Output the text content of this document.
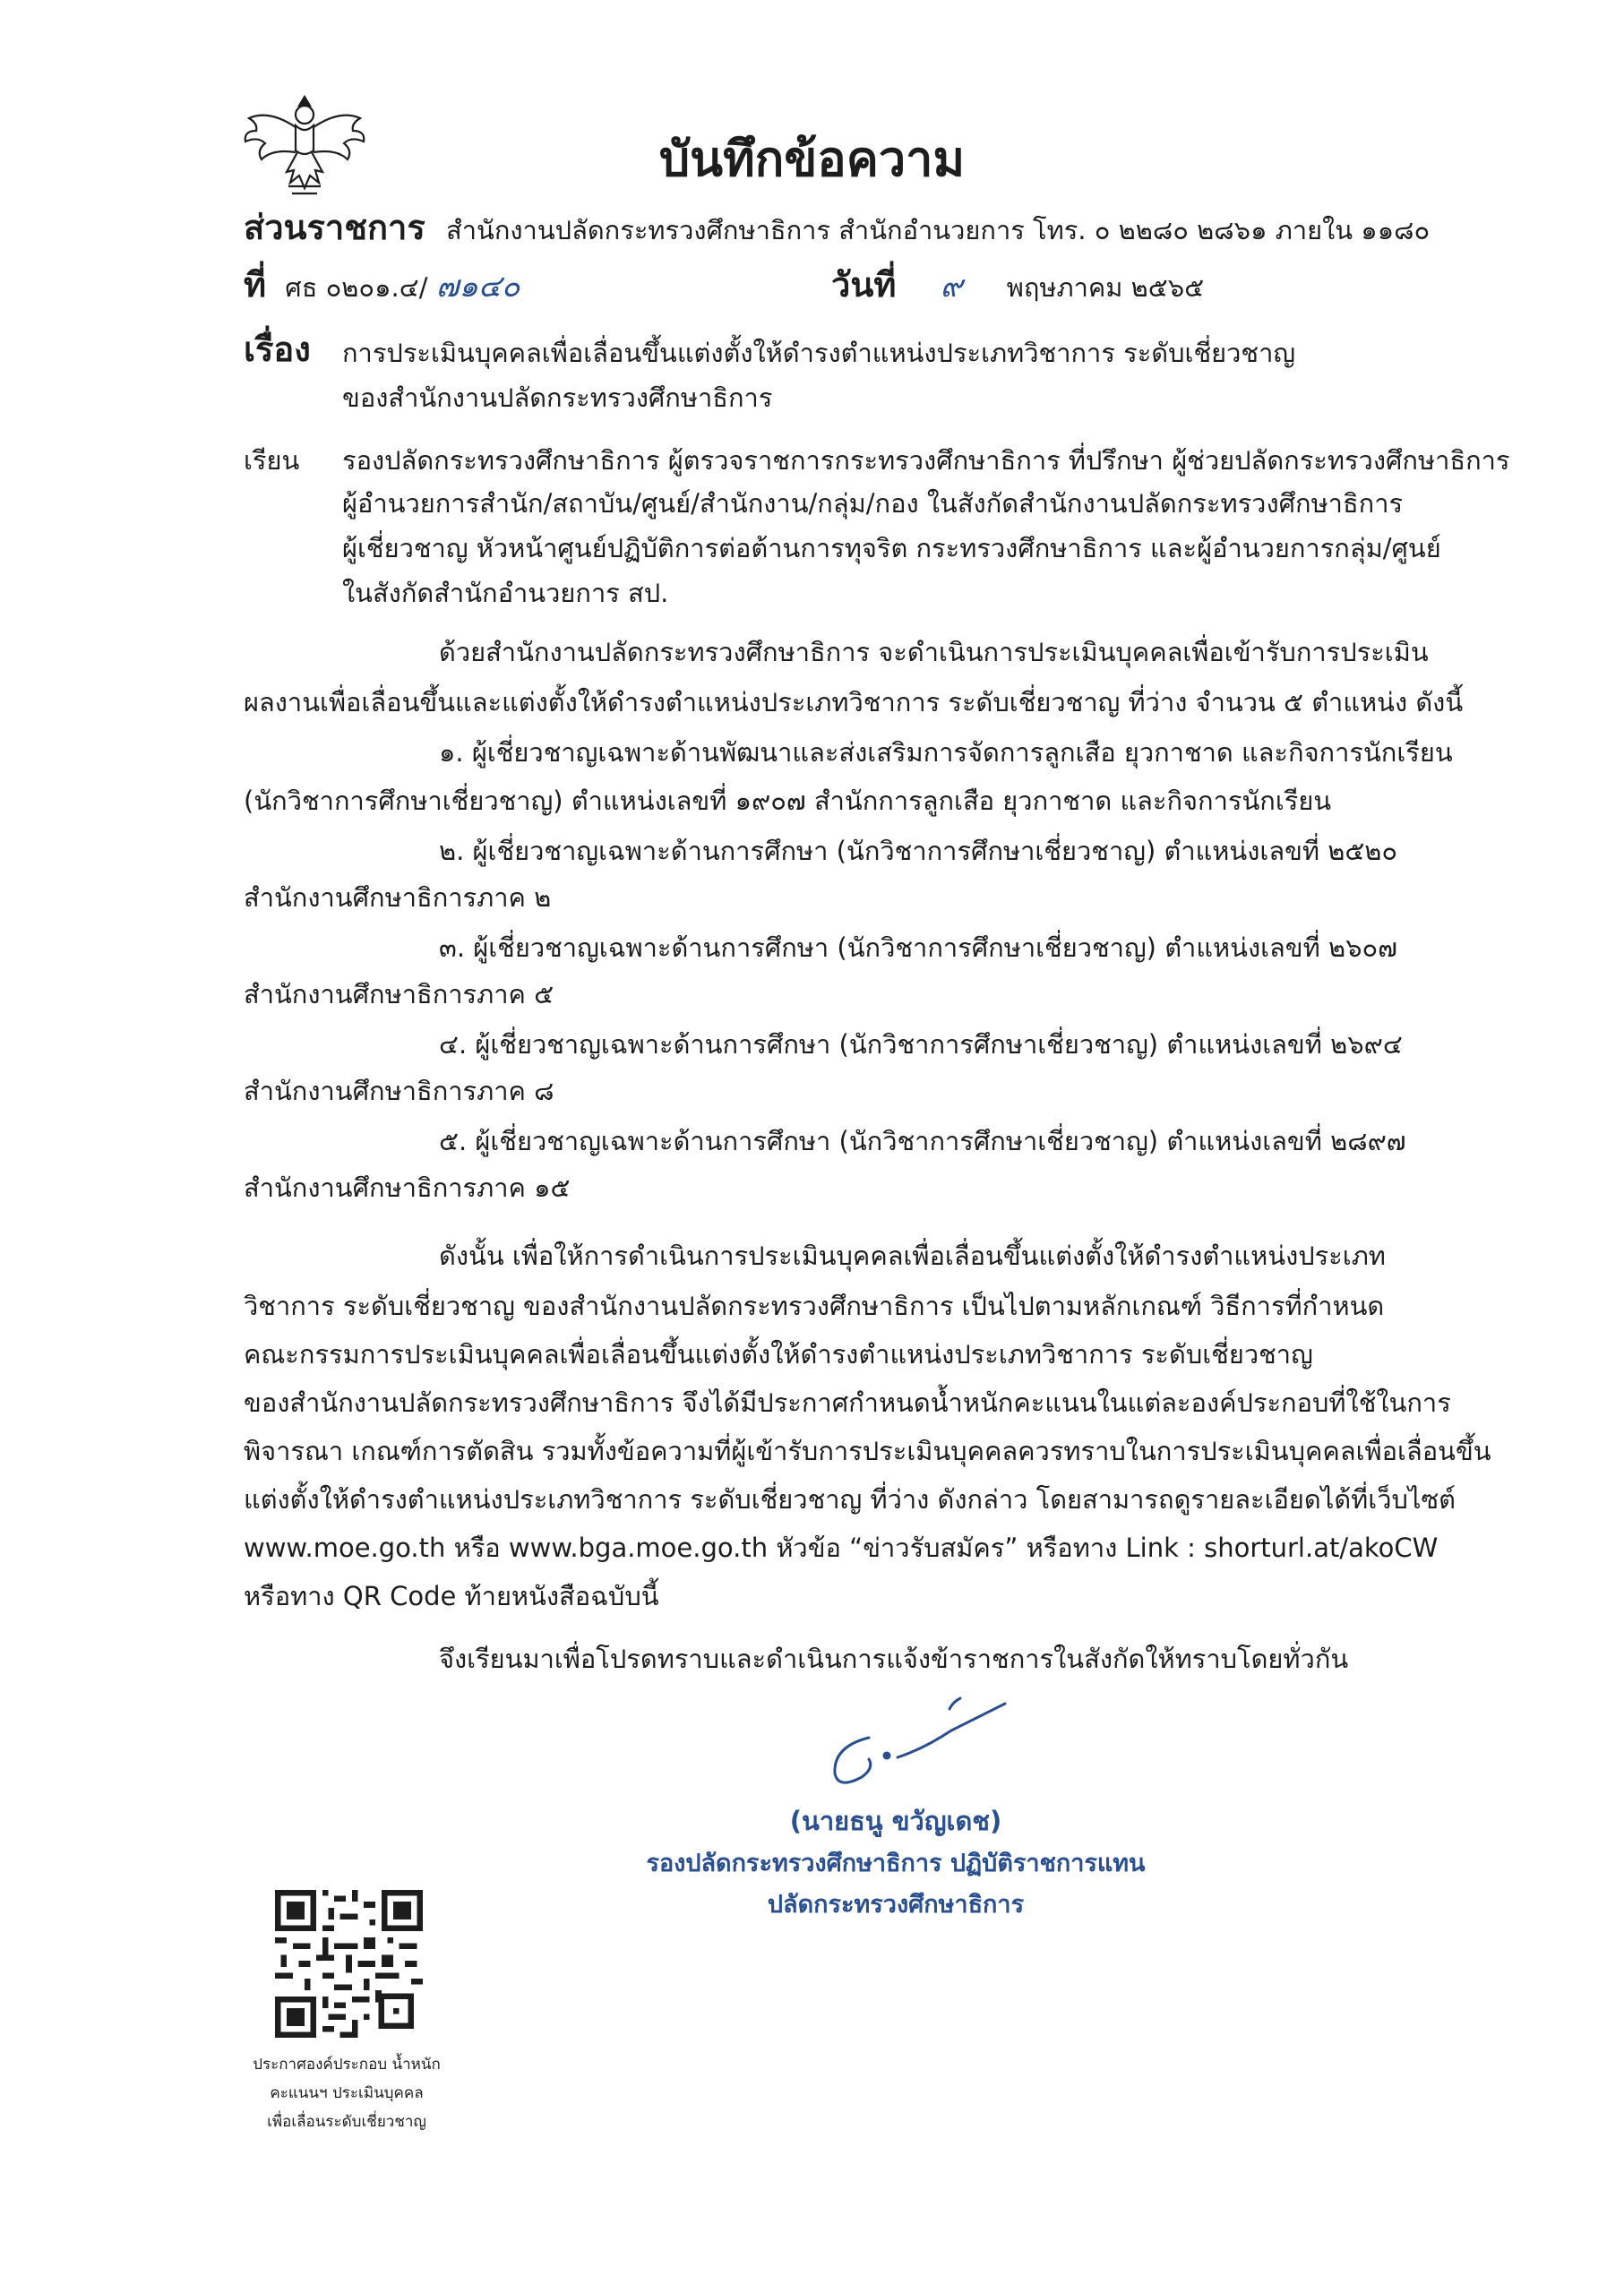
บันทึกข้อความ
ส่วนราชการ สำนักงานปลัดกระทรวงศึกษาธิการ สำนักอำนวยการ โทร. ๐ ๒๒๘๐ ๒๘๖๑ ภายใน ๑๑๘๐
ที่ ศธ ๐๒๐๑.๔/ ๗๑๔๐	วันที่ ๙ พฤษภาคม ๒๕๖๕
เรื่อง การประเมินบุคคลเพื่อเลื่อนขึ้นแต่งตั้งให้ดำรงตำแหน่งประเภทวิชาการ ระดับเชี่ยวชาญ
ของสำนักงานปลัดกระทรวงศึกษาธิการ
เรียน รองปลัดกระทรวงศึกษาธิการ ผู้ตรวจราชการกระทรวงศึกษาธิการ ที่ปรึกษา ผู้ช่วยปลัดกระทรวงศึกษาธิการ
ผู้อำนวยการสำนัก/สถาบัน/ศูนย์/สำนักงาน/กลุ่ม/กอง ในสังกัดสำนักงานปลัดกระทรวงศึกษาธิการ
ผู้เชี่ยวชาญ หัวหน้าศูนย์ปฏิบัติการต่อต้านการทุจริต กระทรวงศึกษาธิการ และผู้อำนวยการกลุ่ม/ศูนย์
ในสังกัดสำนักอำนวยการ สป.
ด้วยสำนักงานปลัดกระทรวงศึกษาธิการ จะดำเนินการประเมินบุคคลเพื่อเข้ารับการประเมิน
ผลงานเพื่อเลื่อนขึ้นและแต่งตั้งให้ดำรงตำแหน่งประเภทวิชาการ ระดับเชี่ยวชาญ ที่ว่าง จำนวน ๕ ตำแหน่ง ดังนี้
๑. ผู้เชี่ยวชาญเฉพาะด้านพัฒนาและส่งเสริมการจัดการลูกเสือ ยุวกาชาด และกิจการนักเรียน
(นักวิชาการศึกษาเชี่ยวชาญ) ตำแหน่งเลขที่ ๑๙๐๗ สำนักการลูกเสือ ยุวกาชาด และกิจการนักเรียน
๒. ผู้เชี่ยวชาญเฉพาะด้านการศึกษา (นักวิชาการศึกษาเชี่ยวชาญ) ตำแหน่งเลขที่ ๒๕๒๐
สำนักงานศึกษาธิการภาค ๒
๓. ผู้เชี่ยวชาญเฉพาะด้านการศึกษา (นักวิชาการศึกษาเชี่ยวชาญ) ตำแหน่งเลขที่ ๒๖๐๗
สำนักงานศึกษาธิการภาค ๕
๔. ผู้เชี่ยวชาญเฉพาะด้านการศึกษา (นักวิชาการศึกษาเชี่ยวชาญ) ตำแหน่งเลขที่ ๒๖๙๔
สำนักงานศึกษาธิการภาค ๘
๕. ผู้เชี่ยวชาญเฉพาะด้านการศึกษา (นักวิชาการศึกษาเชี่ยวชาญ) ตำแหน่งเลขที่ ๒๘๙๗
สำนักงานศึกษาธิการภาค ๑๕
ดังนั้น เพื่อให้การดำเนินการประเมินบุคคลเพื่อเลื่อนขึ้นแต่งตั้งให้ดำรงตำแหน่งประเภท
วิชาการ ระดับเชี่ยวชาญ ของสำนักงานปลัดกระทรวงศึกษาธิการ เป็นไปตามหลักเกณฑ์ วิธีการที่กำหนด
คณะกรรมการประเมินบุคคลเพื่อเลื่อนขึ้นแต่งตั้งให้ดำรงตำแหน่งประเภทวิชาการ ระดับเชี่ยวชาญ
ของสำนักงานปลัดกระทรวงศึกษาธิการ จึงได้มีประกาศกำหนดน้ำหนักคะแนนในแต่ละองค์ประกอบที่ใช้ในการ
พิจารณา เกณฑ์การตัดสิน รวมทั้งข้อความที่ผู้เข้ารับการประเมินบุคคลควรทราบในการประเมินบุคคลเพื่อเลื่อนขึ้น
แต่งตั้งให้ดำรงตำแหน่งประเภทวิชาการ ระดับเชี่ยวชาญ ที่ว่าง ดังกล่าว โดยสามารถดูรายละเอียดได้ที่เว็บไซต์
www.moe.go.th หรือ www.bga.moe.go.th หัวข้อ “ข่าวรับสมัคร” หรือทาง Link : shorturl.at/akoCW
หรือทาง QR Code ท้ายหนังสือฉบับนี้
จึงเรียนมาเพื่อโปรดทราบและดำเนินการแจ้งข้าราชการในสังกัดให้ทราบโดยทั่วกัน
(นายธนู ขวัญเดช)
รองปลัดกระทรวงศึกษาธิการ ปฏิบัติราชการแทน
ปลัดกระทรวงศึกษาธิการ
ประกาศองค์ประกอบ น้ำหนัก
คะแนนฯ ประเมินบุคคล
เพื่อเลื่อนระดับเชี่ยวชาญ
